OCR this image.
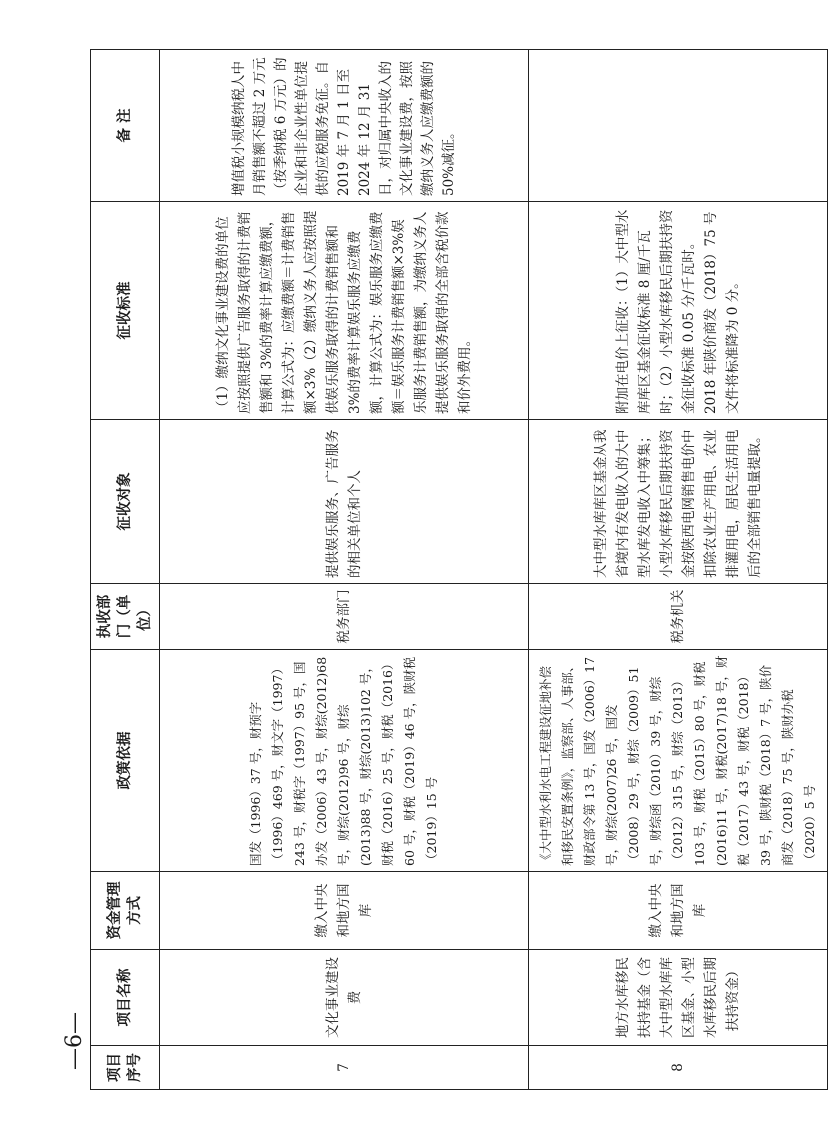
项目序号	项目名称	资金管理方式	政策依据	执收部门（单位）	征收对象	征收标准	备 注
7	文化事业建设费	缴入中央和地方国库	国发（1996）37 号，财预字（1996）469 号，财文字（1997）243 号，财税字（1997）95 号，国办发（2006）43 号，财综(2012)68 号，财综(2012)96 号，财综(2013)88 号，财综(2013)102 号，财税（2016）25 号，财税（2016）60 号，财税（2019）46 号，陕财税（2019）15 号	税务部门	提供娱乐服务、广告服务的相关单位和个人	（1）缴纳文化事业建设费的单位应按照提供广告服务取得的计费销售额和 3%的费率计算应缴费额，计算公式为：应缴费额＝计费销售额×3%（2）缴纳义务人应按照提供娱乐服务取得的计费销售额和 3%的费率计算娱乐服务应缴费额，计算公式为：娱乐服务应缴费额＝娱乐服务计费销售额×3%娱乐服务计费销售额，为缴纳义务人提供娱乐服务取得的全部含税价款和价外费用。	增值税小规模纳税人中月销售额不超过 2 万元（按季纳税 6 万元）的企业和非企业性单位提供的应税服务免征。自 2019 年 7 月 1 日至 2024 年 12 月 31 日，对归属中央收入的文化事业建设费，按照缴纳义务人应缴费额的 50%减征。
8	地方水库移民扶持基金（含大中型水库库区基金、小型水库移民后期扶持资金）	缴入中央和地方国库	《大中型水利水电工程建设征地补偿和移民安置条例》，监察部、人事部、财政部令第 13 号，国发（2006）17 号，财综(2007)26 号，国发（2008）29 号，财综（2009）51 号，财综函（2010）39 号，财综（2012）315 号，财综（2013）103 号，财税（2015）80 号，财税(2016)11 号，财税(2017)18 号，财税（2017）43 号，财税（2018）39 号，陕财税（2018）7 号，陕价商发（2018）75 号，陕财办税（2020）5 号	税务机关	大中型水库库区基金从我省境内有发电收入的大中型水库发电收入中筹集；小型水库移民后期扶持资金按陕西电网销售电价中扣除农业生产用电、农业排灌用电，居民生活用电后的全部销售电量提取。	附加在电价上征收：（1）大中型水库库区基金征收标准 8 厘/千瓦时；（2）小型水库移民后期扶持资金征收标准 0.05 分/千瓦时。2018 年陕价商发（2018）75 号文件将标准降为 0 分。	
—6—
